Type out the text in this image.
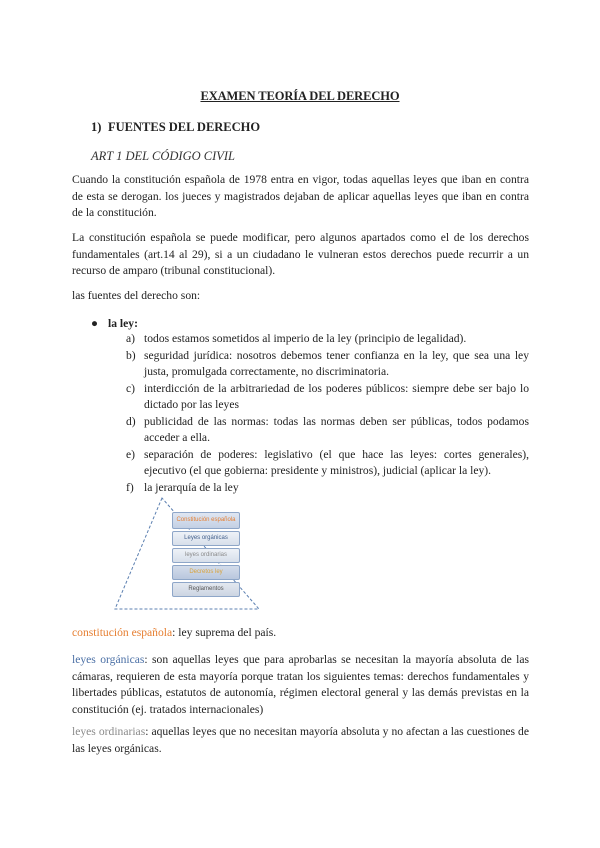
EXAMEN TEORÍA DEL DERECHO
1) FUENTES DEL DERECHO
ART 1 DEL CÓDIGO CIVIL

Cuando la constitución española de 1978 entra en vigor, todas aquellas leyes que iban en contra de esta se derogan. los jueces y magistrados dejaban de aplicar aquellas leyes que iban en contra de la constitución.

La constitución española se puede modificar, pero algunos apartados como el de los derechos fundamentales (art.14 al 29), si a un ciudadano le vulneran estos derechos puede recurrir a un recurso de amparo (tribunal constitucional).

las fuentes del derecho son:

● la ley:
a) todos estamos sometidos al imperio de la ley (principio de legalidad).
b) seguridad jurídica: nosotros debemos tener confianza en la ley, que sea una ley justa, promulgada correctamente, no discriminatoria.
c) interdicción de la arbitrariedad de los poderes públicos: siempre debe ser bajo lo dictado por las leyes
d) publicidad de las normas: todas las normas deben ser públicas, todos podamos acceder a ella.
e) separación de poderes: legislativo (el que hace las leyes: cortes generales), ejecutivo (el que gobierna: presidente y ministros), judicial (aplicar la ley).
f) la jerarquía de la ley
Constitución española
Leyes orgánicas
leyes ordinarias
Decretos ley
Reglamentos

constitución española: ley suprema del país.

leyes orgánicas: son aquellas leyes que para aprobarlas se necesitan la mayoría absoluta de las cámaras, requieren de esta mayoría porque tratan los siguientes temas: derechos fundamentales y libertades públicas, estatutos de autonomía, régimen electoral general y las demás previstas en la constitución (ej. tratados internacionales)

leyes ordinarias: aquellas leyes que no necesitan mayoría absoluta y no afectan a las cuestiones de las leyes orgánicas.
